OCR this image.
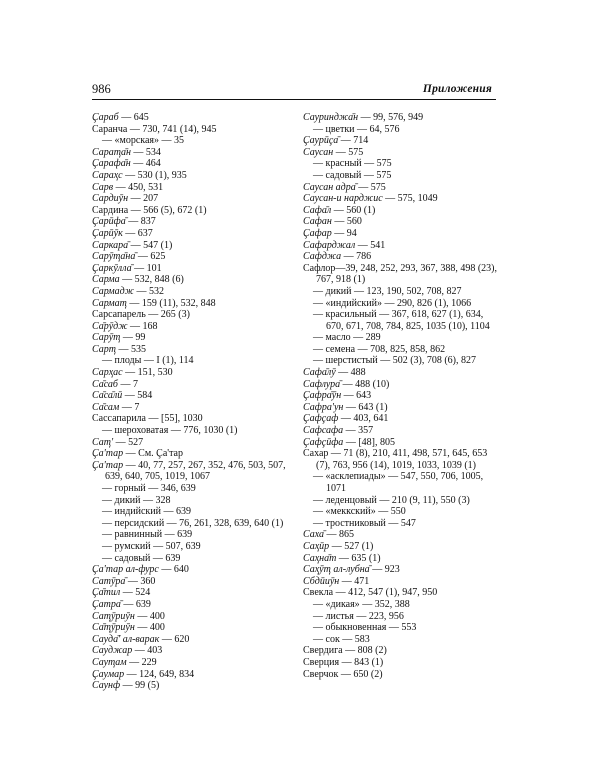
986	Приложения
Ҫараб — 645
Саранча — 730, 741 (14), 945
— «морская» — 35
Сараҭа̄н — 534
Ҫарафа̄н — 464
Сараҳс — 530 (1), 935
Сарв — 450, 531
Сардиӯн — 207
Сардина — 566 (5), 672 (1)
Ҫарӣфа̄ — 837
Ҫарӣӯк — 637
Саркара̄ — 547 (1)
Сарӯҭа̄на̄ — 625
Ҫаркӯлла̄ — 101
Сарма — 532, 848 (6)
Сармадж — 532
Сармаҭ — 159 (11), 532, 848
Сарсапарель — 265 (3)
Са̄рӯдж — 168
Сарӯҭ — 99
Сарҭ — 535
— плоды — I (1), 114
Сарҳас — 151, 530
Са̄саб — 7
Са̄са̄лӣ — 584
Са̄сам — 7
Сассапарила — [55], 1030
— шероховатая — 776, 1030 (1)
Саҭ' — 527
Ҫа'тар — См. Ҫа'тар
Ҫа'тар — 40, 77, 257, 267, 352, 476, 503, 507, 639, 640, 705, 1019, 1067
— горный — 346, 639
— дикий — 328
— индийский — 639
— персидский — 76, 261, 328, 639, 640 (1)
— равнинный — 639
— румский — 507, 639
— садовый — 639
Ҫа'тар ал-фурс — 640
Сатӯра̄ — 360
Ҫа̄тил — 524
Ҫатра̄ — 639
Саҭӯриӯн — 400
Са̄ҭӯриӯн — 400
Сауда̄' ал-варак — 620
Сауджар — 403
Сауҭам — 229
Ҫаумар — 124, 649, 834
Саунф — 99 (5)
Сауринджа̄н — 99, 576, 949
— цветки — 64, 576
Ҫаурӣҫа̄ — 714
Саусан — 575
— красный — 575
— садовый — 575
Саусан адра̄ — 575
Саусан-и нарджис — 575, 1049
Сафа̄л — 560 (1)
Сафан — 560
Ҫафар — 94
Сафарджал — 541
Сафджа — 786
Сафлор—39, 248, 252, 293, 367, 388, 498 (23), 767, 918 (1)
— дикий — 123, 190, 502, 708, 827
— «индийский» — 290, 826 (1), 1066
— красильный — 367, 618, 627 (1), 634, 670, 671, 708, 784, 825, 1035 (10), 1104
— масло — 289
— семена — 708, 825, 858, 862
— шерстистый — 502 (3), 708 (6), 827
Сафа̄лӯ — 488
Сафлура̄ — 488 (10)
Ҫафра̄ӯн — 643
Сафра'ун — 643 (1)
Ҫафҫаф — 403, 641
Сафсафа — 357
Ҫафҫӣфа — [48], 805
Сахар — 71 (8), 210, 411, 498, 571, 645, 653 (7), 763, 956 (14), 1019, 1033, 1039 (1)
— «асклепиады» — 547, 550, 706, 1005, 1071
— леденцовый — 210 (9, 11), 550 (3)
— «меккский» — 550
— тростниковый — 547
Саха̄ — 865
Саҳӣр — 527 (1)
Саҳна̄т — 635 (1)
Саҳӯҭ ал-лубна̄ — 923
Сбдӣиӯн — 471
Свекла — 412, 547 (1), 947, 950
— «дикая» — 352, 388
— листья — 223, 956
— обыкновенная — 553
— сок — 583
Свердига — 808 (2)
Сверция — 843 (1)
Сверчок — 650 (2)
